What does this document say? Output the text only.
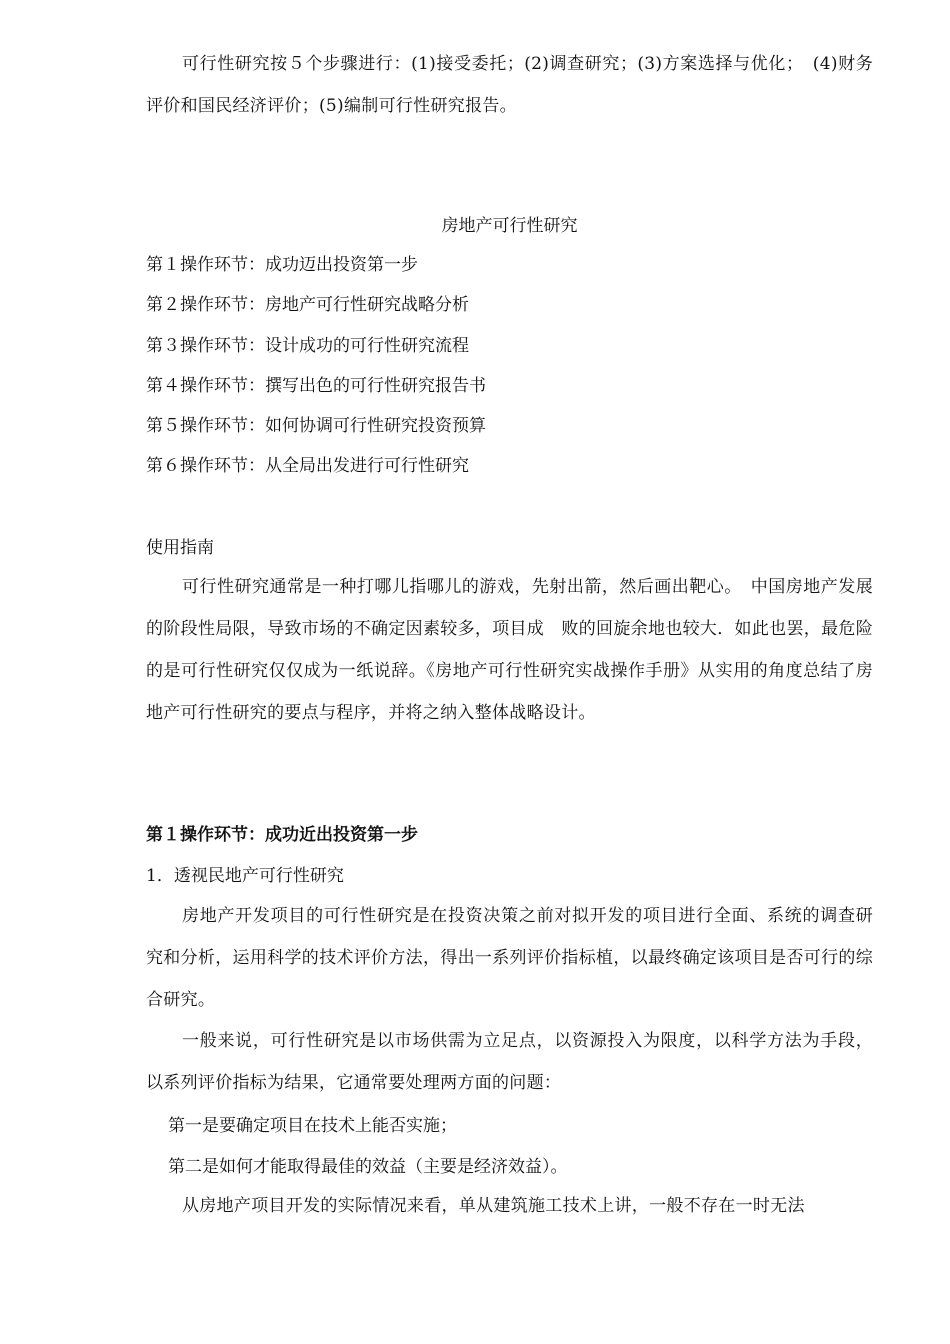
可行性研究按５个步骤进行：(1)接受委托；(2)调查研究；(3)方案选择与优化；　(4)财务评价和国民经济评价；(5)编制可行性研究报告。

房地产可行性研究
第１操作环节：成功迈出投资第一步
第２操作环节：房地产可行性研究战略分析
第３操作环节：设计成功的可行性研究流程
第４操作环节：撰写出色的可行性研究报告书
第５操作环节：如何协调可行性研究投资预算
第６操作环节：从全局出发进行可行性研究
使用指南

可行性研究通常是一种打哪儿指哪儿的游戏，先射出箭，然后画出靶心。　中国房地产发展的阶段性局限，导致市场的不确定因素较多，项目成　败的回旋余地也较大．如此也罢，最危险的是可行性研究仅仅成为一纸说辞。《房地产可行性研究实战操作手册》从实用的角度总结了房地产可行性研究的要点与程序，并将之纳入整体战略设计。

第１操作环节：成功近出投资第一步
1．透视民地产可行性研究

房地产开发项目的可行性研究是在投资决策之前对拟开发的项目进行全面、系统的调查研究和分析，运用科学的技术评价方法，得出一系列评价指标植，以最终确定该项目是否可行的综合研究。

一般来说，可行性研究是以市场供需为立足点，以资源投入为限度，以科学方法为手段，以系列评价指标为结果，它通常要处理两方面的问题：

第一是要确定项目在技术上能否实施；
第二是如何才能取得最佳的效益（主要是经济效益）。

从房地产项目开发的实际情况来看，单从建筑施工技术上讲，一般不存在一时无法
